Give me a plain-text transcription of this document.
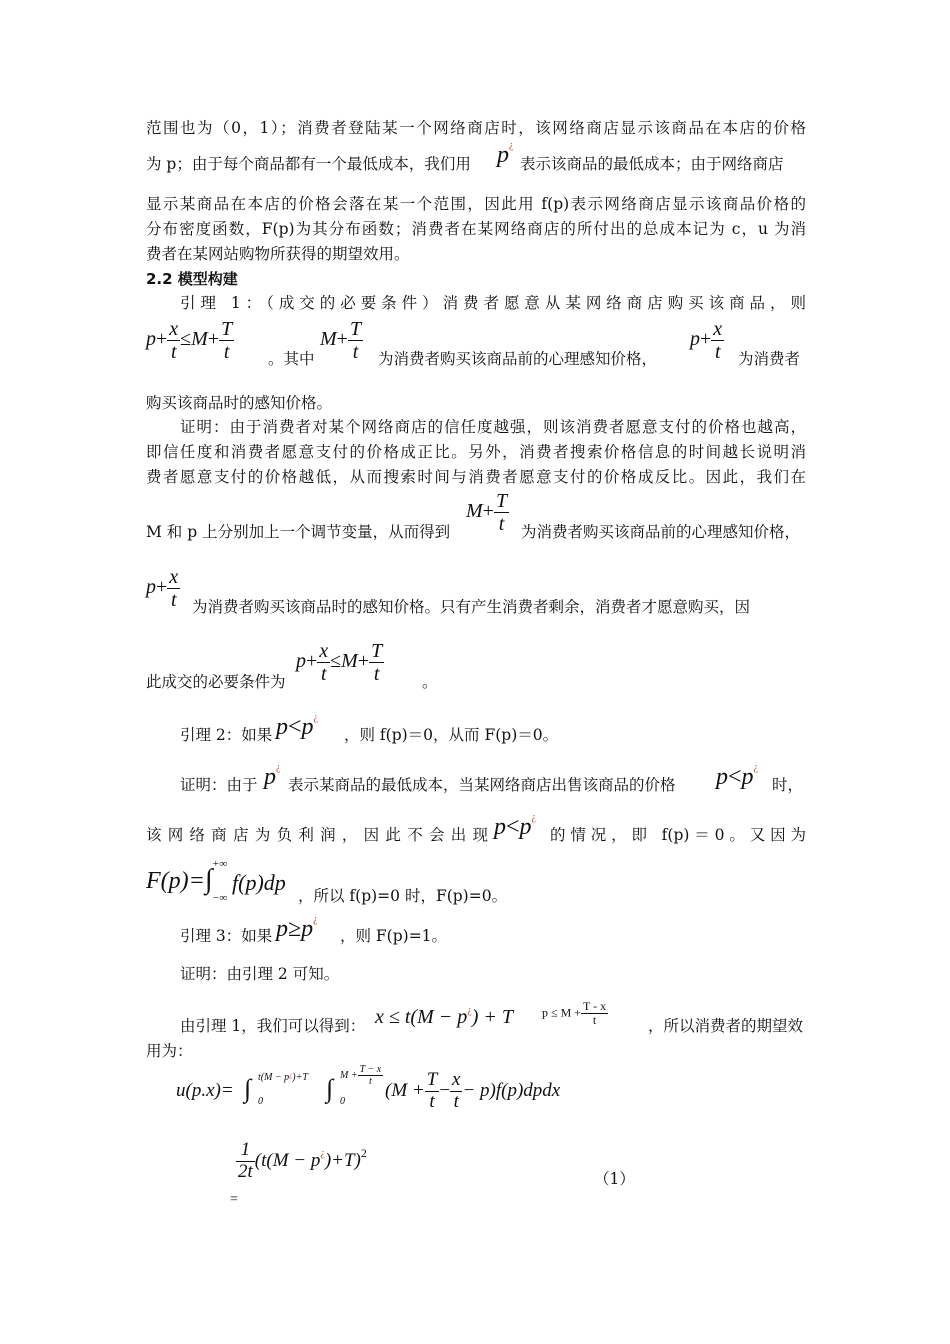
范围也为（0，1）；消费者登陆某一个网络商店时，该网络商店显示该商品在本店的价格
为 p；由于每个商品都有一个最低成本，我们用 p¿
表示该商品的最低成本；由于网络商店
显示某商品在本店的价格会落在某一个范围，因此用 f(p)表示网络商店显示该商品价格的
分布密度函数，F(p)为其分布函数；消费者在某网络商店的所付出的总成本记为 c，u 为消
费者在某网站购物所获得的期望效用。
2.2 模型构建
引理 1：（成交的必要条件）消费者愿意从某网络商店购买该商品，则
$p+ \frac{x}{t} \le M+ \frac{T}{t}$ 。其中
$M+ \frac{T}{t}$ 为消费者购买该商品前的心理感知价格，
$p+ \frac{x}{t}$ 为消费者
购买该商品时的感知价格。
证明：由于消费者对某个网络商店的信任度越强，则该消费者愿意支付的价格也越高，
即信任度和消费者愿意支付的价格成正比。另外，消费者搜索价格信息的时间越长说明消
费者愿意支付的价格越低，从而搜索时间与消费者愿意支付的价格成反比。因此，我们在
M 和 p 上分别加上一个调节变量，从而得到
$M+ \frac{T}{t}$ 为消费者购买该商品前的心理感知价格，
$p+ \frac{x}{t}$ 为消费者购买该商品时的感知价格。只有产生消费者剩余，消费者才愿意购买，因
此成交的必要条件为
$p+ \frac{x}{t} \le M+ \frac{T}{t}$ 。
引理 2：如果 p<p¿
，则 f(p)＝0，从而 F(p)＝0。
证明：由于 p¿
表示某商品的最低成本，当某网络商店出售该商品的价格 p<p¿
时，
该网络商店为负利润，因此不会出现 p<p¿
的情况，即 f(p)＝0。又因为
F(p)=∫ +∞
−∞
f(p)dp
，所以 f(p)=0 时，F(p)=0。
引理 3：如果 p≥p¿
，则 F(p)=1。
证明：由引理 2 可知。
由引理 1，我们可以得到： x ≤ t(M − p¿) + T $p \le M + \frac{T - x}{t}$	，所以消费者的期望效
用为：
u(p.x)= ∫ t(M − p¿)+T
0 ∫ $M + \frac{T - x}{t}$
0
($M + \frac{T}{t} - \frac{x}{t}$ − p)f(p)dpdx
$\frac{1}{2t} (t(M - p^¿)+T)^2$
（1）
=
